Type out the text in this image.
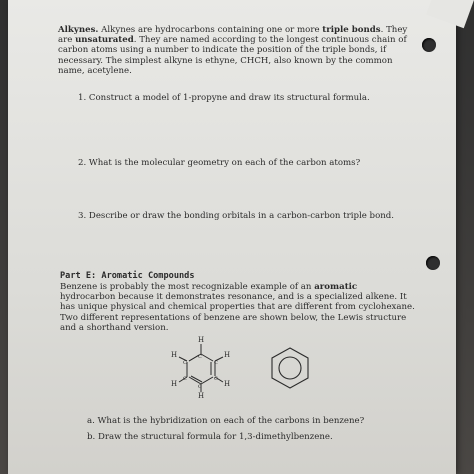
Alkynes. Alkynes are hydrocarbons containing one or more triple bonds. They are unsaturated. They are named according to the longest continuous chain of carbon atoms using a number to indicate the position of the triple bonds, if necessary. The simplest alkyne is ethyne, CHCH, also known by the common name, acetylene.
1. Construct a model of 1-propyne and draw its structural formula.
2. What is the molecular geometry on each of the carbon atoms?
3. Describe or draw the bonding orbitals in a carbon-carbon triple bond.
Part E: Aromatic Compounds
Benzene is probably the most recognizable example of an aromatic hydrocarbon because it demonstrates resonance, and is a specialized alkene. It has unique physical and chemical properties that are different from cyclohexane. Two different representations of benzene are shown below, the Lewis structure and a shorthand version.
H
H	H
H	H
H
C
C	C
C	C
C
a. What is the hybridization on each of the carbons in benzene?
b. Draw the structural formula for 1,3-dimethylbenzene.
